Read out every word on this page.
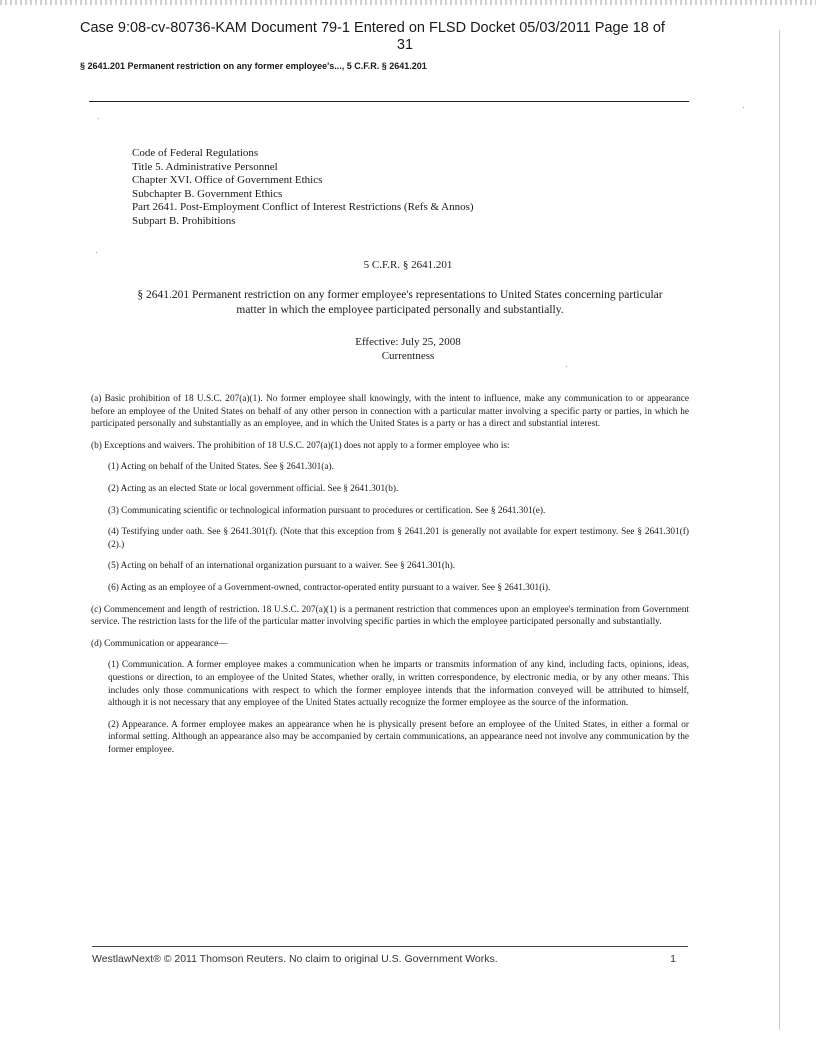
Case 9:08-cv-80736-KAM Document 79-1 Entered on FLSD Docket 05/03/2011 Page 18 of
31
§ 2641.201 Permanent restriction on any former employee's..., 5 C.F.R. § 2641.201
Code of Federal Regulations
Title 5. Administrative Personnel
Chapter XVI. Office of Government Ethics
Subchapter B. Government Ethics
Part 2641. Post-Employment Conflict of Interest Restrictions (Refs & Annos)
Subpart B. Prohibitions
5 C.F.R. § 2641.201
§ 2641.201 Permanent restriction on any former employee's representations to United States concerning particular matter in which the employee participated personally and substantially.
Effective: July 25, 2008
Currentness

(a) Basic prohibition of 18 U.S.C. 207(a)(1). No former employee shall knowingly, with the intent to influence, make any communication to or appearance before an employee of the United States on behalf of any other person in connection with a particular matter involving a specific party or parties, in which he participated personally and substantially as an employee, and in which the United States is a party or has a direct and substantial interest.

(b) Exceptions and waivers. The prohibition of 18 U.S.C. 207(a)(1) does not apply to a former employee who is:

(1) Acting on behalf of the United States. See § 2641.301(a).

(2) Acting as an elected State or local government official. See § 2641.301(b).

(3) Communicating scientific or technological information pursuant to procedures or certification. See § 2641.301(e).

(4) Testifying under oath. See § 2641.301(f). (Note that this exception from § 2641.201 is generally not available for expert testimony. See § 2641.301(f)(2).)

(5) Acting on behalf of an international organization pursuant to a waiver. See § 2641.301(h).

(6) Acting as an employee of a Government-owned, contractor-operated entity pursuant to a waiver. See § 2641.301(i).

(c) Commencement and length of restriction. 18 U.S.C. 207(a)(1) is a permanent restriction that commences upon an employee's termination from Government service. The restriction lasts for the life of the particular matter involving specific parties in which the employee participated personally and substantially.

(d) Communication or appearance—

(1) Communication. A former employee makes a communication when he imparts or transmits information of any kind, including facts, opinions, ideas, questions or direction, to an employee of the United States, whether orally, in written correspondence, by electronic media, or by any other means. This includes only those communications with respect to which the former employee intends that the information conveyed will be attributed to himself, although it is not necessary that any employee of the United States actually recognize the former employee as the source of the information.

(2) Appearance. A former employee makes an appearance when he is physically present before an employee of the United States, in either a formal or informal setting. Although an appearance also may be accompanied by certain communications, an appearance need not involve any communication by the former employee.

WestlawNext® © 2011 Thomson Reuters. No claim to original U.S. Government Works.	1
